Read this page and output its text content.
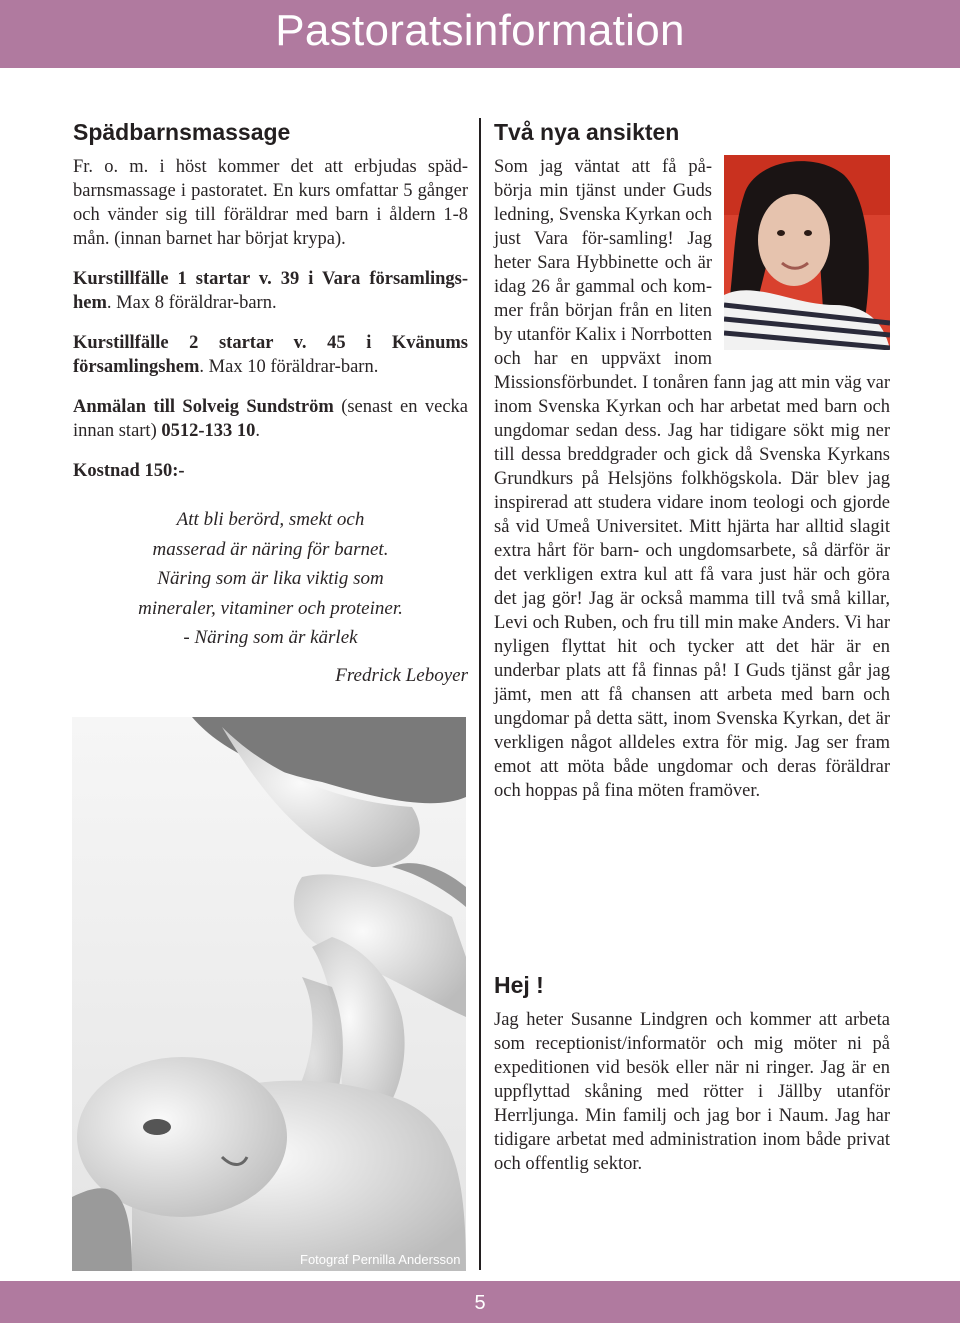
Pastoratsinformation
Spädbarnsmassage

Fr. o. m. i höst kommer det att erbjudas späd-barnsmassage i pastoratet. En kurs omfattar 5 gånger och vänder sig till föräldrar med barn i åldern 1-8 mån. (innan barnet har börjat krypa).

Kurstillfälle 1 startar v. 39 i Vara församlings-hem. Max 8 föräldrar-barn.

Kurstillfälle 2 startar v. 45 i Kvänums församlingshem. Max 10 föräldrar-barn.

Anmälan till Solveig Sundström (senast en vecka innan start) 0512-133 10.

Kostnad 150:-

Att bli berörd, smekt och
masserad är näring för barnet.
Näring som är lika viktig som
mineraler, vitaminer och proteiner.
- Näring som är kärlek
Fredrick Leboyer
Fotograf Pernilla Andersson
Två nya ansikten

Som jag väntat att få på-börja min tjänst under Guds ledning, Svenska Kyrkan och just Vara för-samling! Jag heter Sara Hybbinette och är idag 26 år gammal och kom-mer från början från en liten by utanför Kalix i Norrbotten och har en uppväxt inom Missionsförbundet. I tonåren fann jag att min väg var inom Svenska Kyrkan och har arbetat med barn och ungdomar sedan dess. Jag har tidigare sökt mig ner till dessa breddgrader och gick då Svenska Kyrkans Grundkurs på Helsjöns folkhögskola. Där blev jag inspirerad att studera vidare inom teologi och gjorde så vid Umeå Universitet. Mitt hjärta har alltid slagit extra hårt för barn- och ungdomsarbete, så därför är det verkligen extra kul att få vara just här och göra det jag gör! Jag är också mamma till två små killar, Levi och Ruben, och fru till min make Anders. Vi har nyligen flyttat hit och tycker att det här är en underbar plats att få finnas på! I Guds tjänst går jag jämt, men att få chansen att arbeta med barn och ungdomar på detta sätt, inom Svenska Kyrkan, det är verkligen något alldeles extra för mig. Jag ser fram emot att möta både ungdomar och deras föräldrar och hoppas på fina möten framöver.

Hej !

Jag heter Susanne Lindgren och kommer att arbeta som receptionist/informatör och mig möter ni på expeditionen vid besök eller när ni ringer. Jag är en uppflyttad skåning med rötter i Jällby utanför Herrljunga. Min familj och jag bor i Naum. Jag har tidigare arbetat med administration inom både privat och offentlig sektor.

5
